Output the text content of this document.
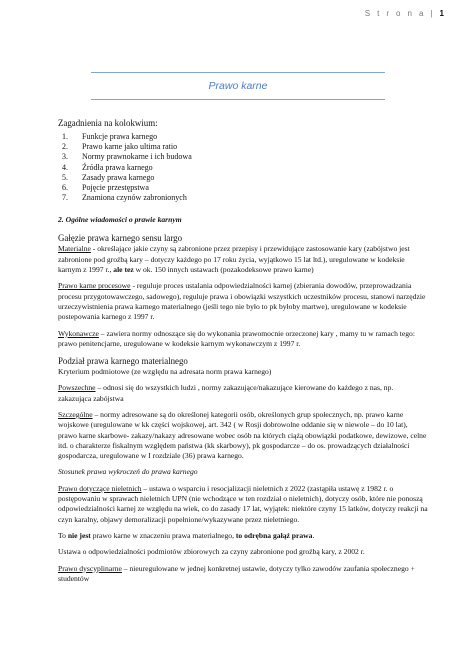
S t r o n a | 1
Prawo karne

Zagadnienia na kolokwium:

1.	Funkcje prawa karnego
2.	Prawo karne jako ultima ratio
3.	Normy prawnokarne i ich budowa
4.	Źródła prawa karnego
5.	Zasady prawa karnego
6.	Pojęcie przestępstwa
7.	Znamiona czynów zabronionych

2. Ogólne wiadomości o prawie karnym

Gałęzie prawa karnego sensu largo

Materialne - określające jakie czyny są zabronione przez przepisy i przewidujące zastosowanie kary (zabójstwo jest zabronione pod groźbą kary – dotyczy każdego po 17 roku życia, wyjątkowo 15 lat ltd.), uregulowane w kodeksie karnym z 1997 r., ale tez w ok. 150 innych ustawach (pozakodeksowe prawo karne)

Prawo karne procesowe - reguluje proces ustalania odpowiedzialności karnej (zbierania dowodów, przeprowadzania procesu przygotowawczego, sadowego), reguluje prawa i obowiązki wszystkich uczestników procesu, stanowi narzędzie urzeczywistnienia prawa karnego materialnego (jeśli tego nie było to pk byłoby martwe), uregulowane w kodeksie postepowania karnego z 1997 r.

Wykonawcze – zawiera normy odnoszące się do wykonania prawomocnie orzeczonej kary , mamy tu w ramach tego: prawo penitencjarne, uregulowane w kodeksie karnym wykonawczym z 1997 r.

Podział prawa karnego materialnego

Kryterium podmiotowe (ze względu na adresata norm prawa karnego)

Powszechne – odnosi się do wszystkich ludzi , normy zakazujące/nakazujące kierowane do każdego z nas, np. zakazująca zabójstwa

Szczególne – normy adresowane są do określonej kategorii osób, określonych grup społecznych, np. prawo karne wojskowe (uregulowane w kk części wojskowej, art. 342 ( w Rosji dobrowolne oddanie się w niewole – do 10 lat), prawo karne skarbowe- zakazy/nakazy adresowane wobec osób na których ciążą obowiązki podatkowe, dewizowe, celne itd. o charakterze fiskalnym względem państwa (kk skarbowy), pk gospodarcze – do os. prowadzących działalności gospodarcza, uregulowane w I rozdziale (36) prawa karnego.

Stosunek prawa wykroczeń do prawa karnego

Prawo dotyczące nieletnich – ustawa o wsparciu i resocjalizacji nieletnich z 2022 (zastąpiła ustawę z 1982 r. o postępowaniu w sprawach nieletnich UPN (nie wchodzące w ten rozdział o nieletnich), dotyczy osób, które nie ponoszą odpowiedzialności karnej ze względu na wiek, co do zasady 17 lat, wyjątek: niektóre czyny 15 latków, dotyczy reakcji na czyn karalny, objawy demoralizacji popełnione/wykazywane przez nieletniego.

To nie jest prawo karne w znaczeniu prawa materialnego, to odrębna gałąź prawa.

Ustawa o odpowiedzialności podmiotów zbiorowych za czyny zabronione pod groźbą kary, z 2002 r.

Prawo dyscyplinarne – nieuregulowane w jednej konkretnej ustawie, dotyczy tylko zawodów zaufania społecznego + studentów
